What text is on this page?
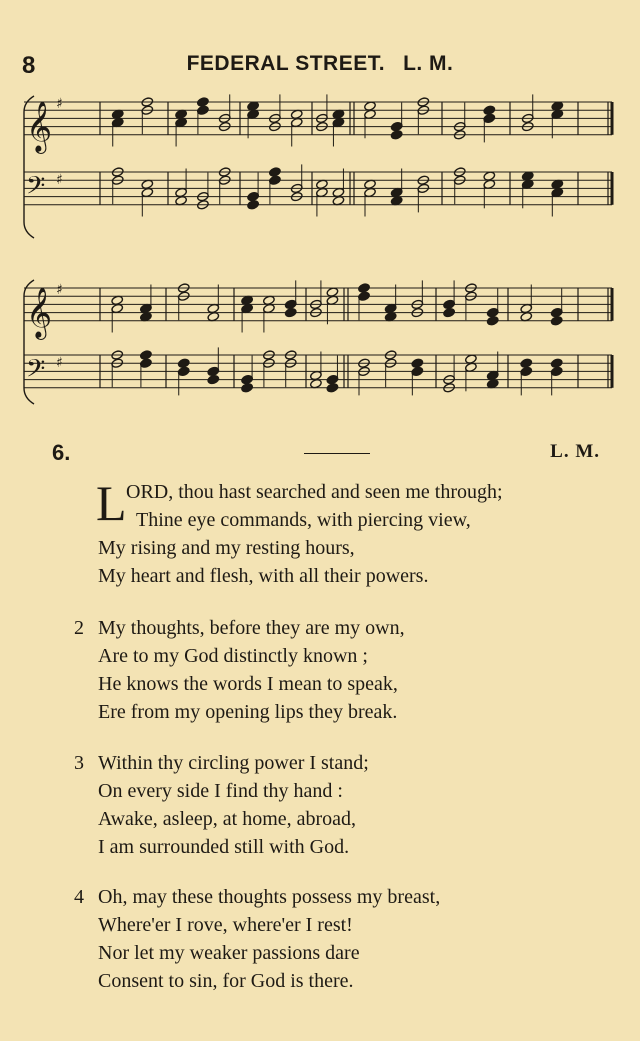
8	FEDERAL STREET. L. M.
𝄞 ♯
𝄢 ♯
𝄞 ♯
𝄢 ♯
6.	L. M.
L ORD, thou hast searched and seen me through;
Thine eye commands, with piercing view,
My rising and my resting hours,
My heart and flesh, with all their powers.
2 My thoughts, before they are my own,
Are to my God distinctly known ;
He knows the words I mean to speak,
Ere from my opening lips they break.
3 Within thy circling power I stand;
On every side I find thy hand :
Awake, asleep, at home, abroad,
I am surrounded still with God.
4 Oh, may these thoughts possess my breast,
Where'er I rove, where'er I rest!
Nor let my weaker passions dare
Consent to sin, for God is there.
